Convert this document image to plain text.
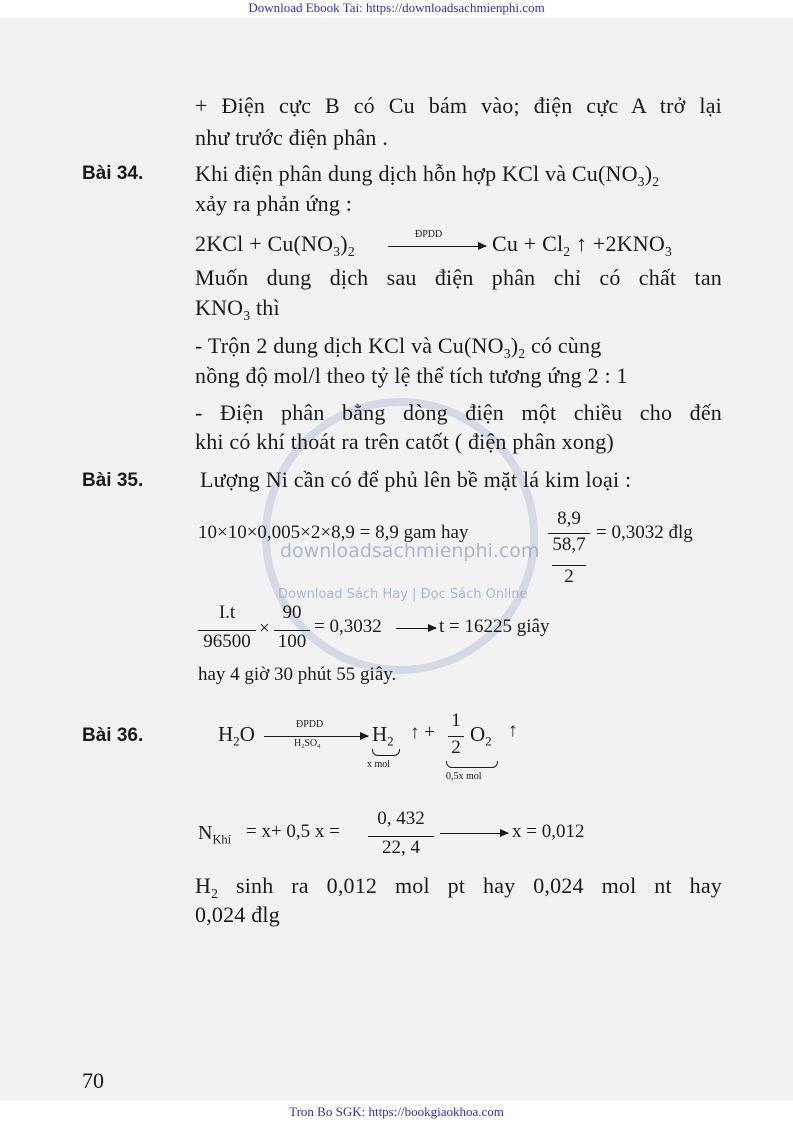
Download Ebook Tai: https://downloadsachmienphi.com
downloadsachmienphi.com
Download Sách Hay | Đọc Sách Online
+ Điện cực B có Cu bám vào; điện cực A trở lại
như trước điện phân .
Bài 34. Khi điện phân dung dịch hỗn hợp KCl và $Cu(NO_3)_2$
xảy ra phản ứng :
$2KCl + Cu(NO_3)_2$
ĐPDD $Cu + Cl_2$ ↑ $+2KNO_3$
Muốn dung dịch sau điện phân chỉ có chất tan
$KNO_3$ thì
- Trộn 2 dung dịch KCl và $Cu(NO_3)_2$ có cùng
nồng độ mol/l theo tỷ lệ thể tích tương ứng 2 : 1
- Điện phân bằng dòng điện một chiều cho đến
khi có khí thoát ra trên catốt ( điện phân xong)
Bài 35.	Lượng Ni cần có để phủ lên bề mặt lá kim loại :
10×10×0,005×2×8,9 = 8,9 gam hay
8,9
58,7
2
= 0,3032 đlg
I.t
96500
×
90
100
= 0,3032	t = 16225 giây
hay 4 giờ 30 phút 55 giây.
Bài 36.	$H_2O$	ĐPDD
$H_2SO_4$
$H_2$
x mol
↑ +
1
2
$O_2$
↑
0,5x mol
$N_{Khí} = x+ 0,5$ x =
0, 432
22, 4
x = 0,012
$H_2$ sinh ra 0,012 mol pt hay 0,024 mol nt hay
0,024 đlg
70
Tron Bo SGK: https://bookgiaokhoa.com
